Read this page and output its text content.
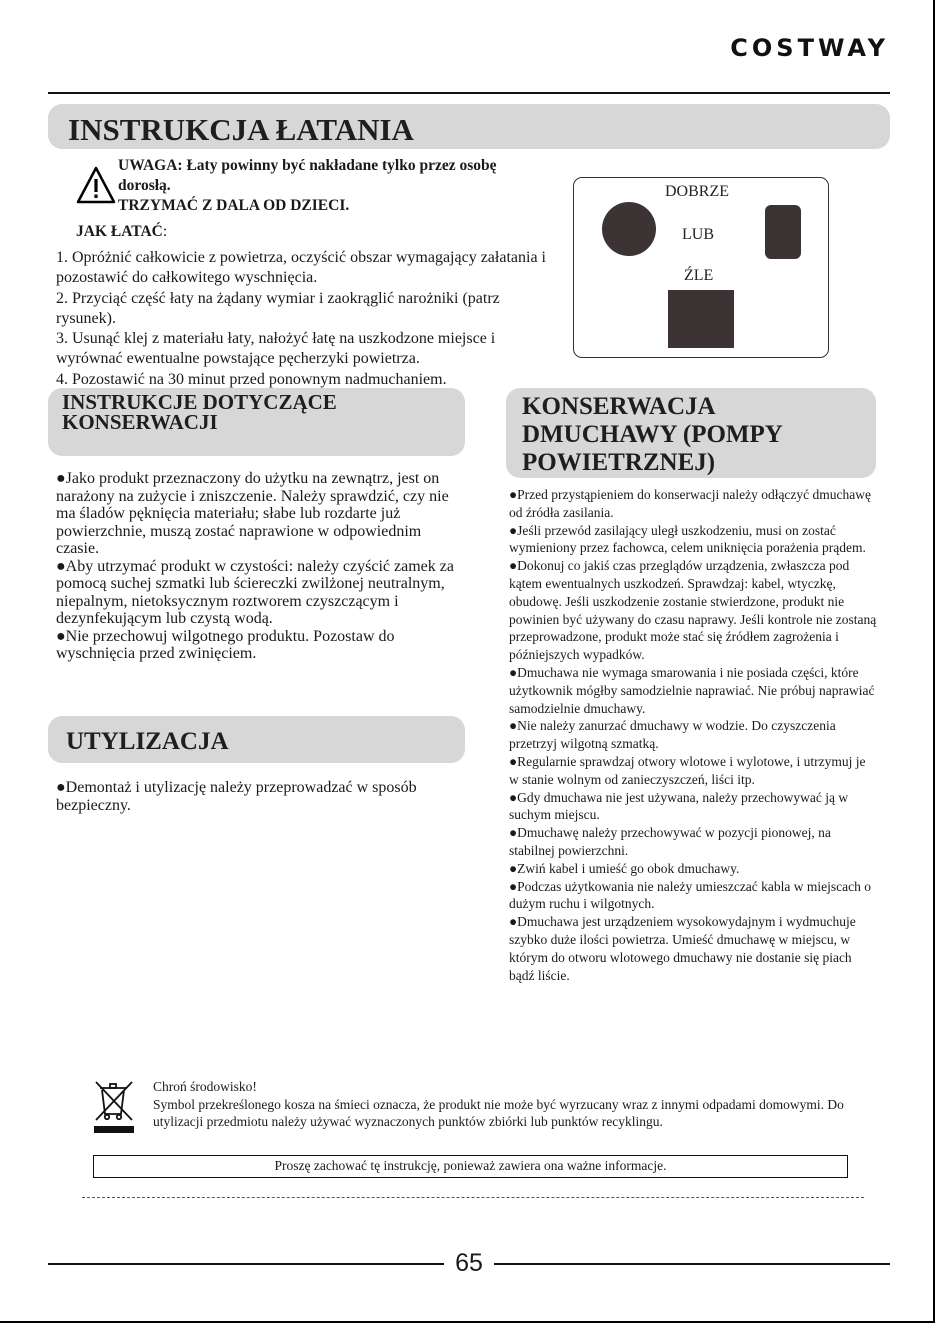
COSTWAY
INSTRUKCJA ŁATANIA
UWAGA: Łaty powinny być nakładane tylko przez osobę
dorosłą.
TRZYMAĆ Z DALA OD DZIECI.
JAK ŁATAĆ:

1. Opróżnić całkowicie z powietrza, oczyścić obszar wymagający załatania i pozostawić do całkowitego wyschnięcia.

2. Przyciąć część łaty na żądany wymiar i zaokrąglić narożniki (patrz rysunek).

3. Usunąć klej z materiału łaty, nałożyć łatę na uszkodzone miejsce i wyrównać ewentualne powstające pęcherzyki powietrza.

4. Pozostawić na 30 minut przed ponownym nadmuchaniem.

DOBRZE
LUB
ŹLE
INSTRUKCJE DOTYCZĄCE
KONSERWACJI

●Jako produkt przeznaczony do użytku na zewnątrz, jest on narażony na zużycie i zniszczenie. Należy sprawdzić, czy nie ma śladów pęknięcia materiału; słabe lub rozdarte już powierzchnie, muszą zostać naprawione w odpowiednim czasie.

●Aby utrzymać produkt w czystości: należy czyścić zamek za pomocą suchej szmatki lub ściereczki zwilżonej neutralnym, niepalnym, nietoksycznym roztworem czyszczącym i dezynfekującym lub czystą wodą.

●Nie przechowuj wilgotnego produktu. Pozostaw do wyschnięcia przed zwinięciem.

UTYLIZACJA

●Demontaż i utylizację należy przeprowadzać w sposób bezpieczny.

KONSERWACJA
DMUCHAWY (POMPY
POWIETRZNEJ)

●Przed przystąpieniem do konserwacji należy odłączyć dmuchawę od źródła zasilania.

●Jeśli przewód zasilający uległ uszkodzeniu, musi on zostać wymieniony przez fachowca, celem uniknięcia porażenia prądem.

●Dokonuj co jakiś czas przeglądów urządzenia, zwłaszcza pod kątem ewentualnych uszkodzeń. Sprawdzaj: kabel, wtyczkę, obudowę. Jeśli uszkodzenie zostanie stwierdzone, produkt nie powinien być używany do czasu naprawy. Jeśli kontrole nie zostaną przeprowadzone, produkt może stać się źródłem zagrożenia i późniejszych wypadków.

●Dmuchawa nie wymaga smarowania i nie posiada części, które użytkownik mógłby samodzielnie naprawiać. Nie próbuj naprawiać samodzielnie dmuchawy.

●Nie należy zanurzać dmuchawy w wodzie. Do czyszczenia przetrzyj wilgotną szmatką.

●Regularnie sprawdzaj otwory wlotowe i wylotowe, i utrzymuj je w stanie wolnym od zanieczyszczeń, liści itp.

●Gdy dmuchawa nie jest używana, należy przechowywać ją w suchym miejscu.

●Dmuchawę należy przechowywać w pozycji pionowej, na stabilnej powierzchni.

●Zwiń kabel i umieść go obok dmuchawy.

●Podczas użytkowania nie należy umieszczać kabla w miejscach o dużym ruchu i wilgotnych.

●Dmuchawa jest urządzeniem wysokowydajnym i wydmuchuje szybko duże ilości powietrza. Umieść dmuchawę w miejscu, w którym do otworu wlotowego dmuchawy nie dostanie się piach bądź liście.

Chroń środowisko!

Symbol przekreślonego kosza na śmieci oznacza, że produkt nie może być wyrzucany wraz z innymi odpadami domowymi. Do utylizacji przedmiotu należy używać wyznaczonych punktów zbiórki lub punktów recyklingu.

Proszę zachować tę instrukcję, ponieważ zawiera ona ważne informacje.
65
